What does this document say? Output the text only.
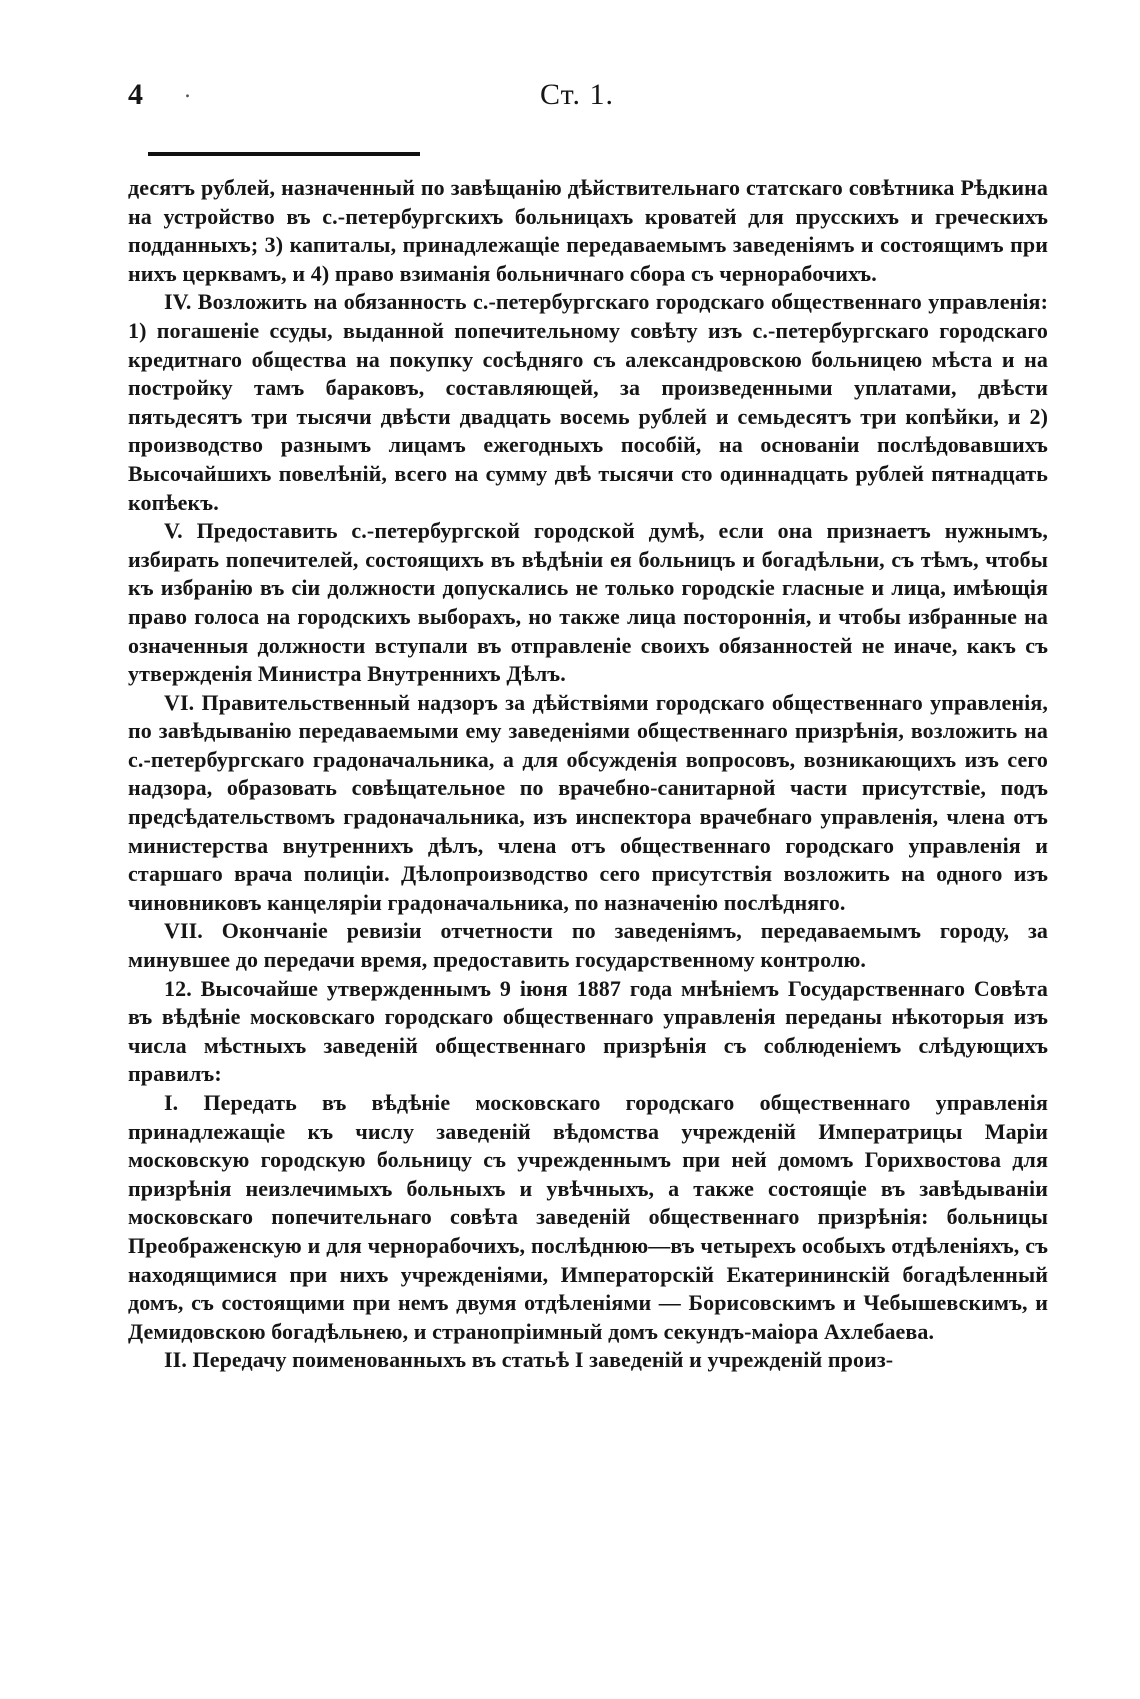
4 .	Ст. 1.

десятъ рублей, назначенный по завѣщанію дѣйствительнаго статскаго совѣтника Рѣдкина на устройство въ с.-петербургскихъ больницахъ кроватей для прусскихъ и греческихъ подданныхъ; 3) капиталы, принадлежащіе передаваемымъ заведеніямъ и состоящимъ при нихъ церквамъ, и 4) право взиманія больничнаго сбора съ чернорабочихъ.

IV. Возложить на обязанность с.-петербургскаго городскаго общественнаго управленія: 1) погашеніе ссуды, выданной попечительному совѣту изъ с.-петербургскаго городскаго кредитнаго общества на покупку сосѣдняго съ александровскою больницею мѣста и на постройку тамъ бараковъ, составляющей, за произведенными уплатами, двѣсти пятьдесятъ три тысячи двѣсти двадцать восемь рублей и семьдесятъ три копѣйки, и 2) производство разнымъ лицамъ ежегодныхъ пособій, на основаніи послѣдовавшихъ Высочайшихъ повелѣній, всего на сумму двѣ тысячи сто одиннадцать рублей пятнадцать копѣекъ.

V. Предоставить с.-петербургской городской думѣ, если она признаетъ нужнымъ, избирать попечителей, состоящихъ въ вѣдѣніи ея больницъ и богадѣльни, съ тѣмъ, чтобы къ избранію въ сіи должности допускались не только городскіе гласные и лица, имѣющія право голоса на городскихъ выборахъ, но также лица постороннія, и чтобы избранные на означенныя должности вступали въ отправленіе своихъ обязанностей не иначе, какъ съ утвержденія Министра Внутреннихъ Дѣлъ.

VI. Правительственный надзоръ за дѣйствіями городскаго общественнаго управленія, по завѣдыванію передаваемыми ему заведеніями общественнаго призрѣнія, возложить на с.-петербургскаго градоначальника, а для обсужденія вопросовъ, возникающихъ изъ сего надзора, образовать совѣщательное по врачебно-санитарной части присутствіе, подъ предсѣдательствомъ градоначальника, изъ инспектора врачебнаго управленія, члена отъ министерства внутреннихъ дѣлъ, члена отъ общественнаго городскаго управленія и старшаго врача полиціи. Дѣлопроизводство сего присутствія возложить на одного изъ чиновниковъ канцеляріи градоначальника, по назначенію послѣдняго.

VII. Окончаніе ревизіи отчетности по заведеніямъ, передаваемымъ городу, за минувшее до передачи время, предоставить государственному контролю.

12. Высочайше утвержденнымъ 9 іюня 1887 года мнѣніемъ Государственнаго Совѣта въ вѣдѣніе московскаго городскаго общественнаго управленія переданы нѣкоторыя изъ числа мѣстныхъ заведеній общественнаго призрѣнія съ соблюденіемъ слѣдующихъ правилъ:

I. Передать въ вѣдѣніе московскаго городскаго общественнаго управленія принадлежащіе къ числу заведеній вѣдомства учрежденій Императрицы Маріи московскую городскую больницу съ учрежденнымъ при ней домомъ Горихвостова для призрѣнія неизлечимыхъ больныхъ и увѣчныхъ, а также состоящіе въ завѣдываніи московскаго попечительнаго совѣта заведеній общественнаго призрѣнія: больницы Преображенскую и для чернорабочихъ, послѣднюю—въ четырехъ особыхъ отдѣленіяхъ, съ находящимися при нихъ учрежденіями, Императорскій Екатерининскій богадѣленный домъ, съ состоящими при немъ двумя отдѣленіями — Борисовскимъ и Чебышевскимъ, и Демидовскою богадѣльнею, и странопріимный домъ секундъ-маіора Ахлебаева.

II. Передачу поименованныхъ въ статьѣ I заведеній и учрежденій произ-
